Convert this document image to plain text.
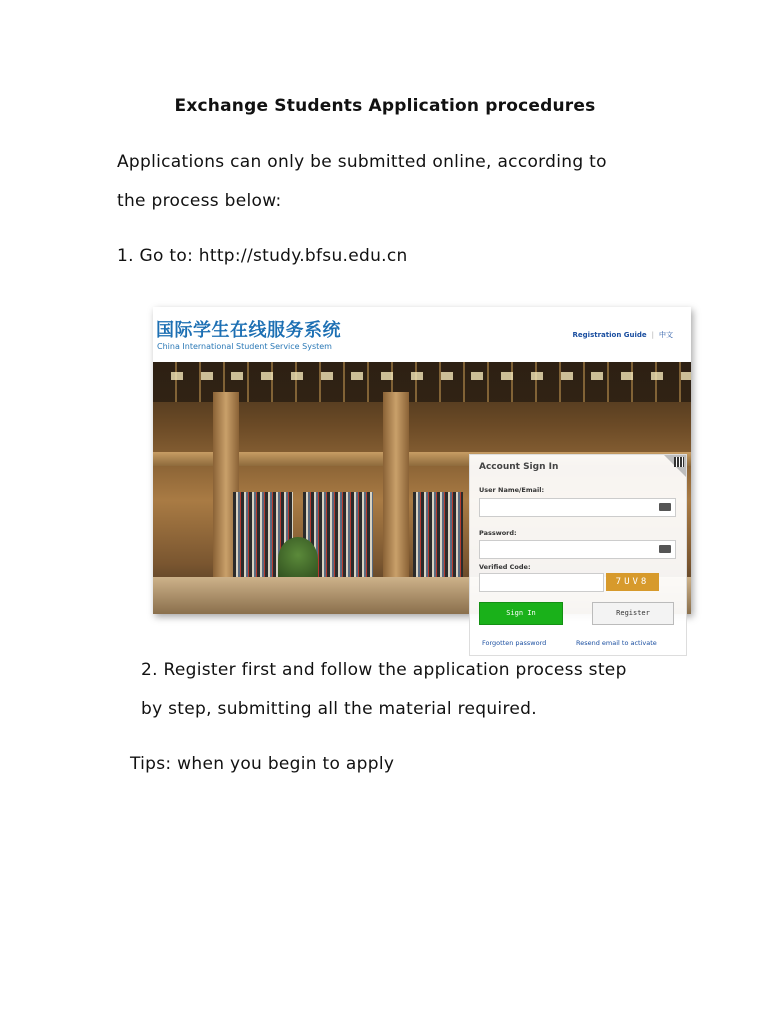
Exchange Students Application procedures
Applications can only be submitted online, according to
the process below:
1. Go to: http://study.bfsu.edu.cn
国际学生在线服务系统
China International Student Service System
Registration Guide | 中文
Account Sign In
User Name/Email:
Password:
Verified Code:
7UV8
Sign In	Register
Forgotten password	Resend email to activate
2. Register first and follow the application process step
by step, submitting all the material required.
Tips: when you begin to apply
